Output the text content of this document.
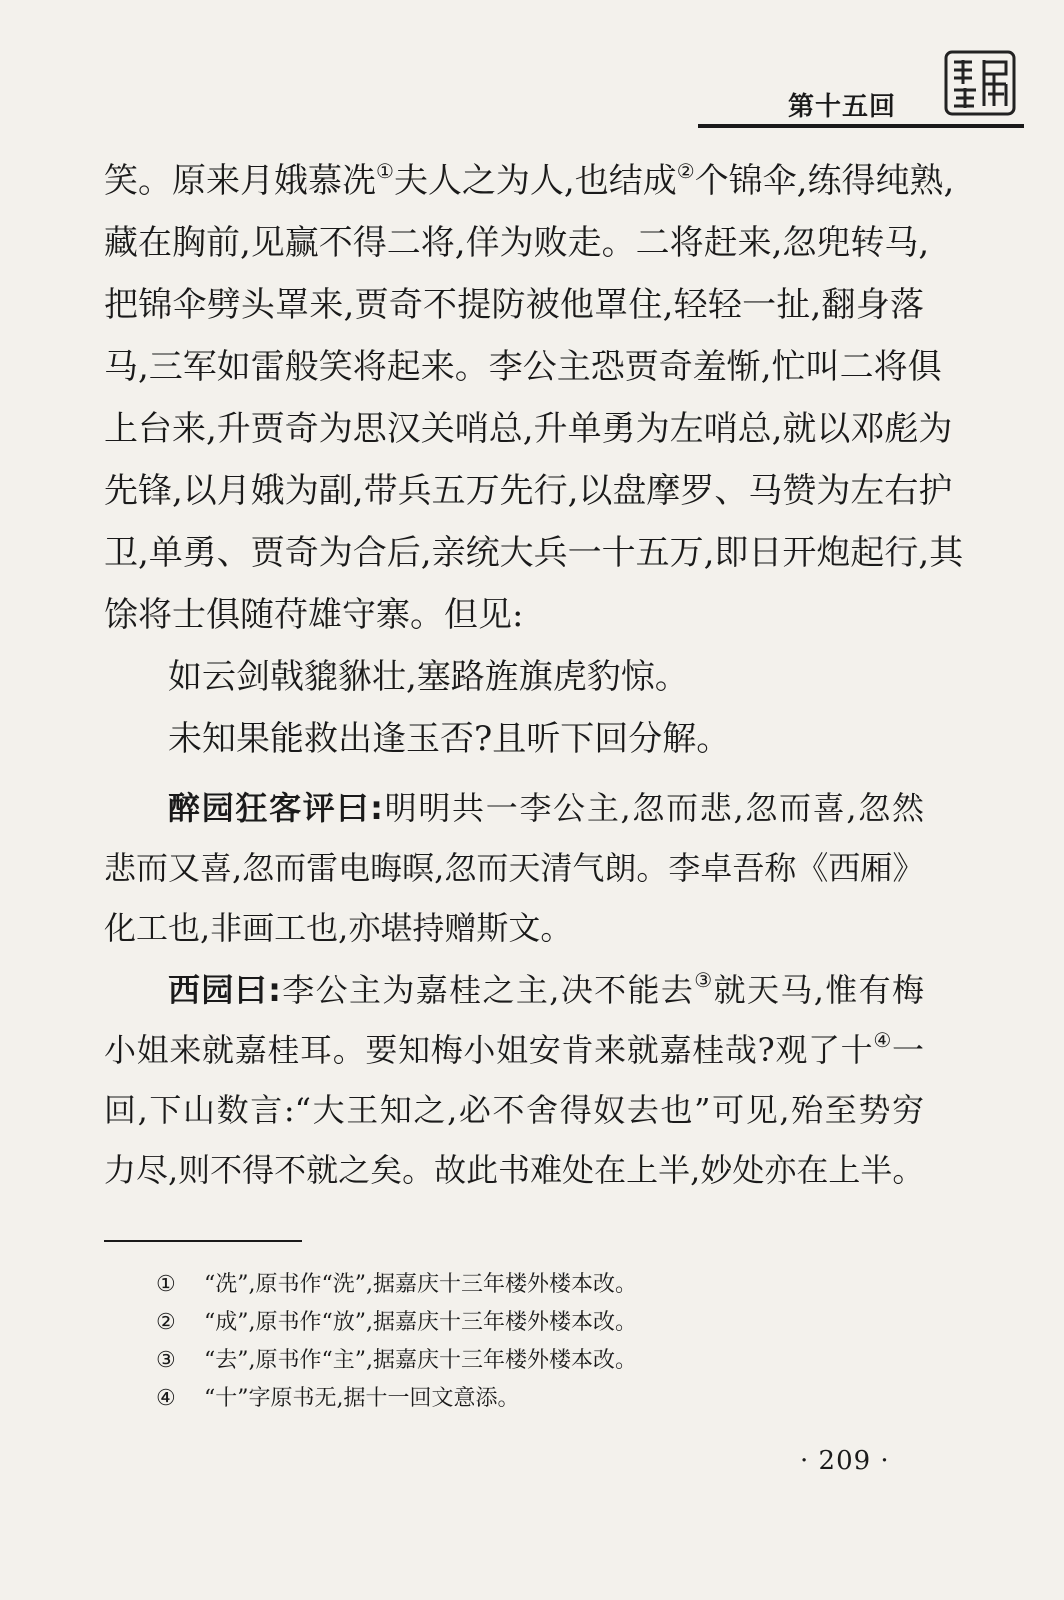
第十五回
笑。原来月娥慕冼①夫人之为人,也结成②个锦伞,练得纯熟,
藏在胸前,见赢不得二将,佯为败走。二将赶来,忽兜转马,
把锦伞劈头罩来,贾奇不提防被他罩住,轻轻一扯,翻身落
马,三军如雷般笑将起来。李公主恐贾奇羞惭,忙叫二将俱
上台来,升贾奇为思汉关哨总,升单勇为左哨总,就以邓彪为
先锋,以月娥为副,带兵五万先行,以盘摩罗、马赞为左右护
卫,单勇、贾奇为合后,亲统大兵一十五万,即日开炮起行,其
馀将士俱随苻雄守寨。但见:
如云剑戟貔貅壮,塞路旌旗虎豹惊。
未知果能救出逢玉否?且听下回分解。
醉园狂客评曰:明明共一李公主,忽而悲,忽而喜,忽然
悲而又喜,忽而雷电晦暝,忽而天清气朗。李卓吾称《西厢》
化工也,非画工也,亦堪持赠斯文。
西园曰:李公主为嘉桂之主,决不能去③就天马,惟有梅
小姐来就嘉桂耳。要知梅小姐安肯来就嘉桂哉?观了十④一
回,下山数言:“大王知之,必不舍得奴去也”可见,殆至势穷
力尽,则不得不就之矣。故此书难处在上半,妙处亦在上半。
① “冼”,原书作“洗”,据嘉庆十三年楼外楼本改。
② “成”,原书作“放”,据嘉庆十三年楼外楼本改。
③ “去”,原书作“主”,据嘉庆十三年楼外楼本改。
④ “十”字原书无,据十一回文意添。
· 209 ·
